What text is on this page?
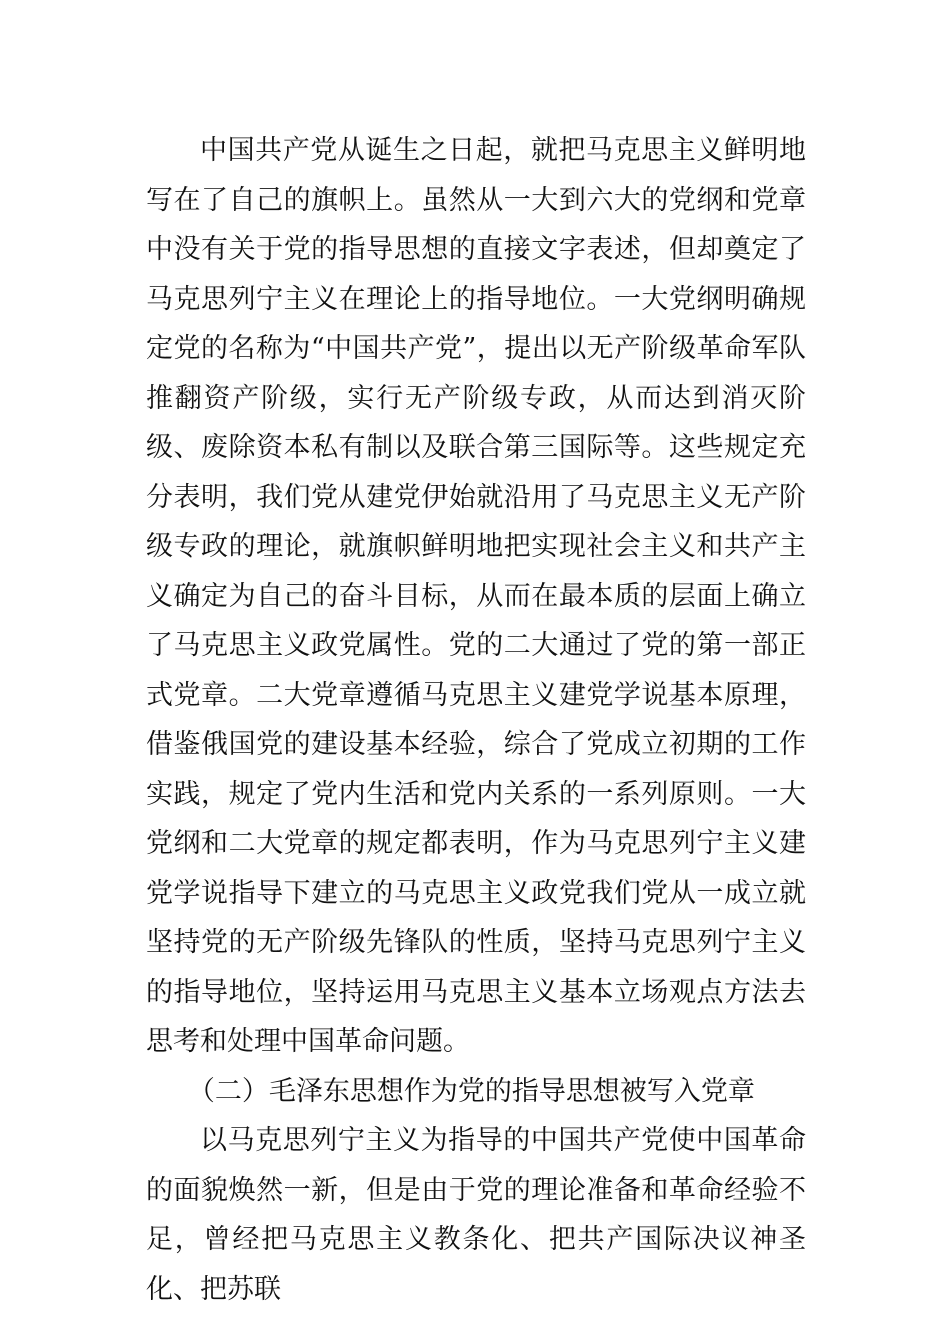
中国共产党从诞生之日起，就把马克思主义鲜明地写在了自己的旗帜上。虽然从一大到六大的党纲和党章中没有关于党的指导思想的直接文字表述，但却奠定了马克思列宁主义在理论上的指导地位。一大党纲明确规定党的名称为“中国共产党”，提出以无产阶级革命军队推翻资产阶级，实行无产阶级专政，从而达到消灭阶级、废除资本私有制以及联合第三国际等。这些规定充分表明，我们党从建党伊始就沿用了马克思主义无产阶级专政的理论，就旗帜鲜明地把实现社会主义和共产主义确定为自己的奋斗目标，从而在最本质的层面上确立了马克思主义政党属性。党的二大通过了党的第一部正式党章。二大党章遵循马克思主义建党学说基本原理，借鉴俄国党的建设基本经验，综合了党成立初期的工作实践，规定了党内生活和党内关系的一系列原则。一大党纲和二大党章的规定都表明，作为马克思列宁主义建党学说指导下建立的马克思主义政党我们党从一成立就坚持党的无产阶级先锋队的性质，坚持马克思列宁主义的指导地位，坚持运用马克思主义基本立场观点方法去思考和处理中国革命问题。

（二）毛泽东思想作为党的指导思想被写入党章

以马克思列宁主义为指导的中国共产党使中国革命的面貌焕然一新，但是由于党的理论准备和革命经验不足，曾经把马克思主义教条化、把共产国际决议神圣化、把苏联
